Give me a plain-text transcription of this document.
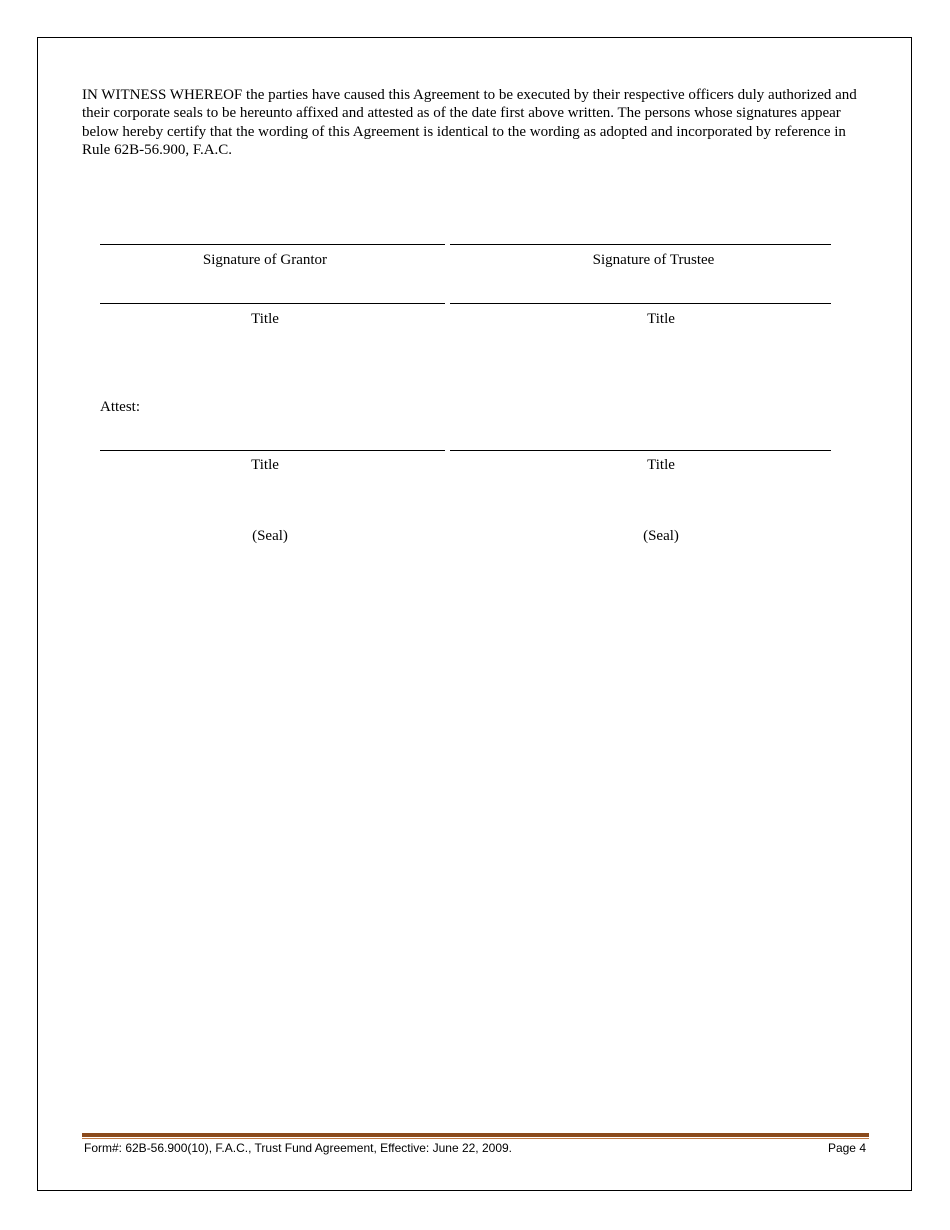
IN WITNESS WHEREOF the parties have caused this Agreement to be executed by their respective officers duly authorized and their corporate seals to be hereunto affixed and attested as of the date first above written. The persons whose signatures appear below hereby certify that the wording of this Agreement is identical to the wording as adopted and incorporated by reference in Rule 62B-56.900, F.A.C.

Signature of Grantor	Signature of Trustee
Title	Title
Attest:
Title	Title
(Seal)	(Seal)
Form#: 62B-56.900(10), F.A.C., Trust Fund Agreement, Effective: June 22, 2009.	Page 4
